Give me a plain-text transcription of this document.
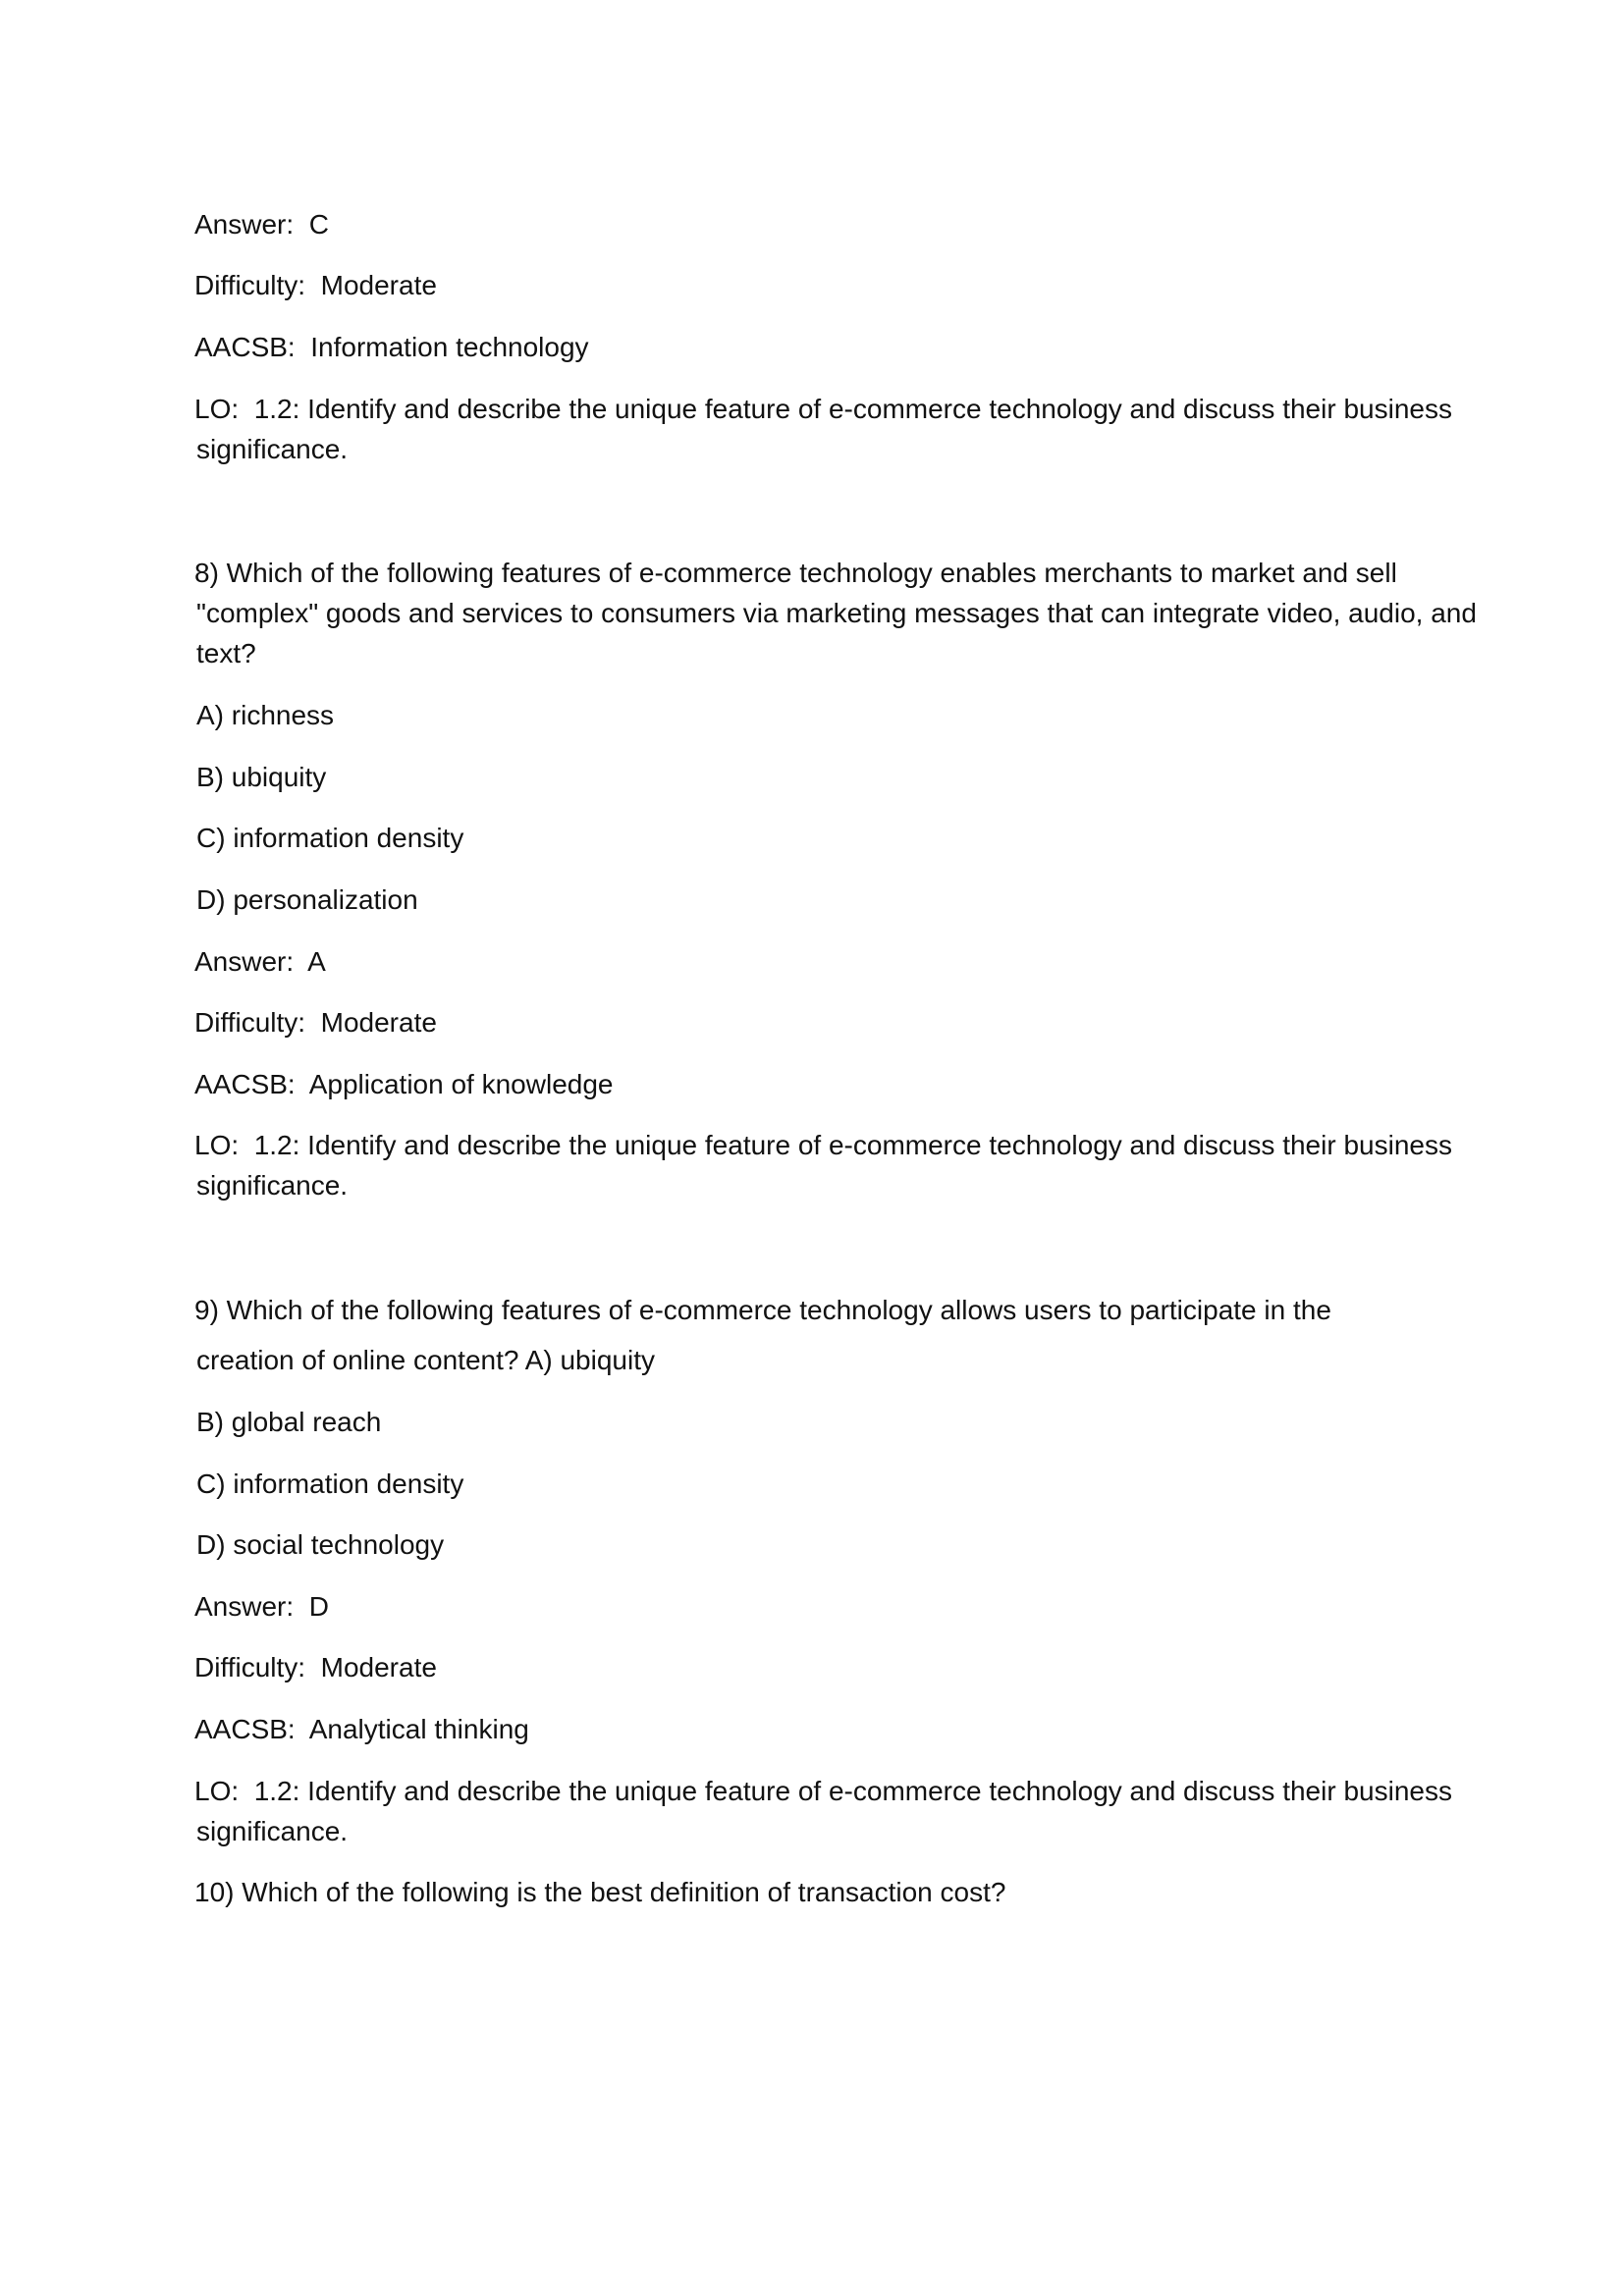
Answer:  C

Difficulty:  Moderate

AACSB:  Information technology

LO:  1.2: Identify and describe the unique feature of e-commerce technology and discuss their business

significance.

8) Which of the following features of e-commerce technology enables merchants to market and sell

"complex" goods and services to consumers via marketing messages that can integrate video, audio, and

text?

A) richness

B) ubiquity

C) information density

D) personalization

Answer:  A

Difficulty:  Moderate

AACSB:  Application of knowledge

LO:  1.2: Identify and describe the unique feature of e-commerce technology and discuss their business

significance.

9) Which of the following features of e-commerce technology allows users to participate in the

creation of online content? A) ubiquity

B) global reach

C) information density

D) social technology

Answer:  D

Difficulty:  Moderate

AACSB:  Analytical thinking

LO:  1.2: Identify and describe the unique feature of e-commerce technology and discuss their business

significance.

10) Which of the following is the best definition of transaction cost?
